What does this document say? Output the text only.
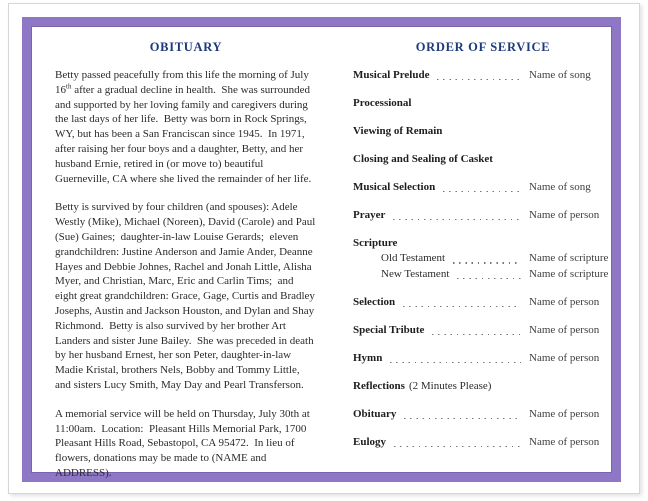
OBITUARY

Betty passed peacefully from this life the morning of July 16th after a gradual decline in health.  She was surrounded and supported by her loving family and caregivers during the last days of her life.  Betty was born in Rock Springs, WY, but has been a San Franciscan since 1945.  In 1971, after raising her four boys and a daughter, Betty, and her husband Ernie, retired in (or move to) beautiful Guerneville, CA where she lived the remainder of her life.

Betty is survived by four children (and spouses): Adele Westly (Mike), Michael (Noreen), David (Carole) and Paul (Sue) Gaines;  daughter-in-law Louise Gerards;  eleven grandchildren: Justine Anderson and Jamie Ander, Deanne Hayes and Debbie Johnes, Rachel and Jonah Little, Alisha Myer, and Christian, Marc, Eric and Carlin Tims;  and eight great grandchildren: Grace, Gage, Curtis and Bradley Josephs, Austin and Jackson Houston, and Dylan and Shay Richmond.  Betty is also survived by her brother Art Landers and sister June Bailey.  She was preceded in death by her husband Ernest, her son Peter, daughter-in-law Madie Kristal, brothers Nels, Bobby and Tommy Little, and sisters Lucy Smith, May Day and Pearl Transferson.

A memorial service will be held on Thursday, July 30th at 11:00am.  Location:  Pleasant Hills Memorial Park, 1700 Pleasant Hills Road, Sebastopol, CA 95472.  In lieu of flowers, donations may be made to (NAME and ADDRESS).

ORDER OF SERVICE
Musical Prelude	Name of song
Processional
Viewing of Remain
Closing and Sealing of Casket
Musical Selection	Name of song
Prayer	Name of person
Scripture
Old Testament	Name of scripture
New Testament	Name of scripture
Selection	Name of person
Special Tribute	Name of person
Hymn	Name of person
Reflections (2 Minutes Please)
Obituary	Name of person
Eulogy	Name of person
